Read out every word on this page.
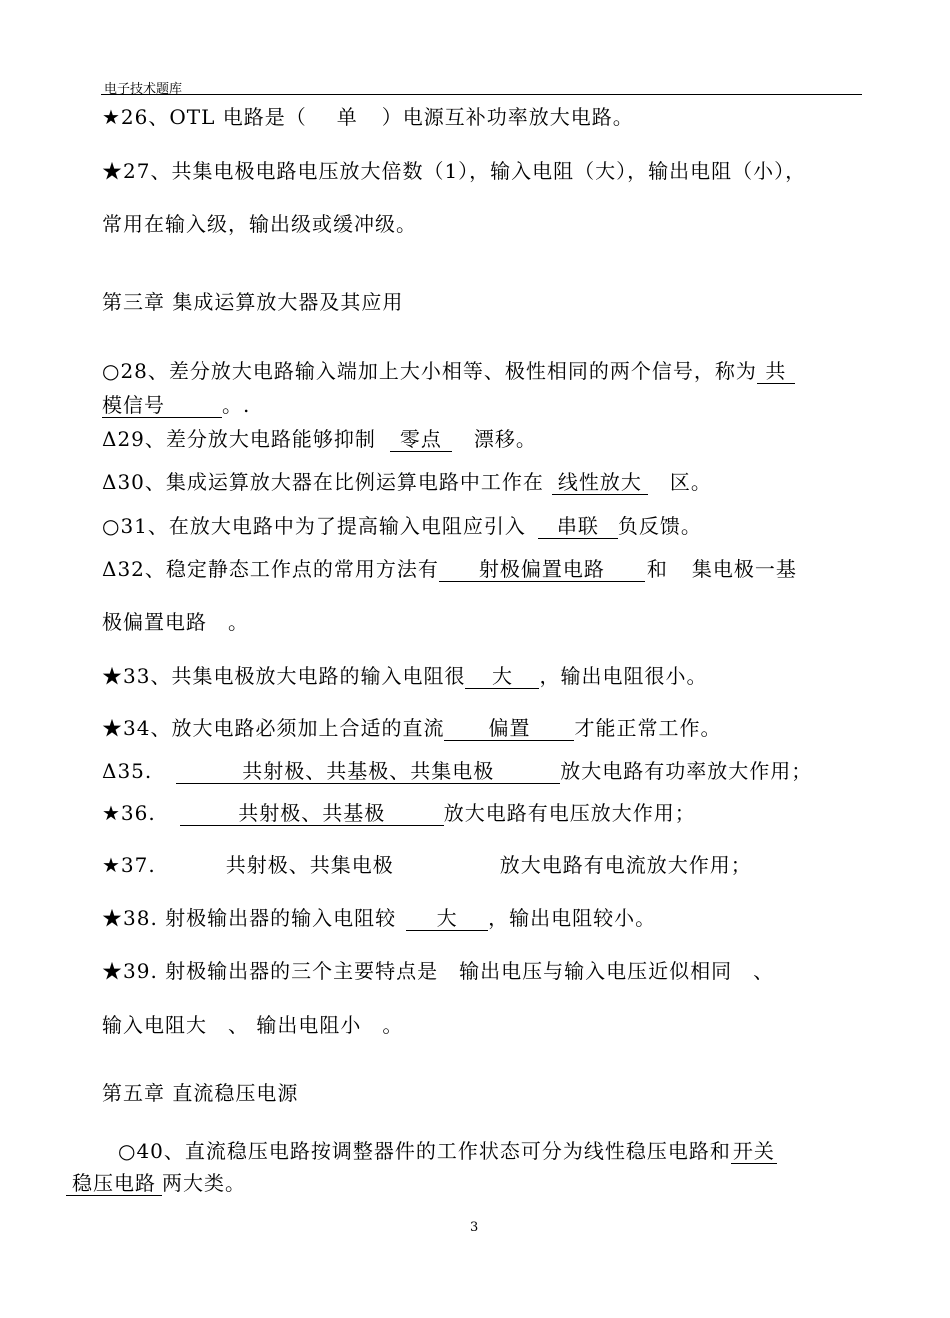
电子技术题库
★26、OTL 电路是（ 单 ）电源互补功率放大电路。
★27、共集电极电路电压放大倍数（1），输入电阻（大），输出电阻（小），
常用在输入级，输出级或缓冲级。
第三章 集成运算放大器及其应用
○28、差分放大电路输入端加上大小相等、极性相同的两个信号，称为 共
模信号	。.
Δ29、差分放大电路能够抑制 零点 漂移。
Δ30、集成运算放大器在比例运算电路中工作在 线性放大 区。
○31、在放大电路中为了提高输入电阻应引入 串联 负反馈。
Δ32、稳定静态工作点的常用方法有 射极偏置电路 和 集电极一基
极偏置电路　。
★33、共集电极放大电路的输入电阻很 大 ，输出电阻很小。
★34、放大电路必须加上合适的直流 偏置 才能正常工作。
Δ35.	共射极、共基极、共集电极	放大电路有功率放大作用；
★36.	共射极、共基极	放大电路有电压放大作用；
★37.	共射极、共集电极	放大电路有电流放大作用；
★38. 射极输出器的输入电阻较 大 ，输出电阻较小。
★39. 射极输出器的三个主要特点是　输出电压与输入电压近似相同　、
输入电阻大　、 输出电阻小　。
第五章 直流稳压电源
○40、直流稳压电路按调整器件的工作状态可分为线性稳压电路和 开关
稳压电路 两大类。
3
